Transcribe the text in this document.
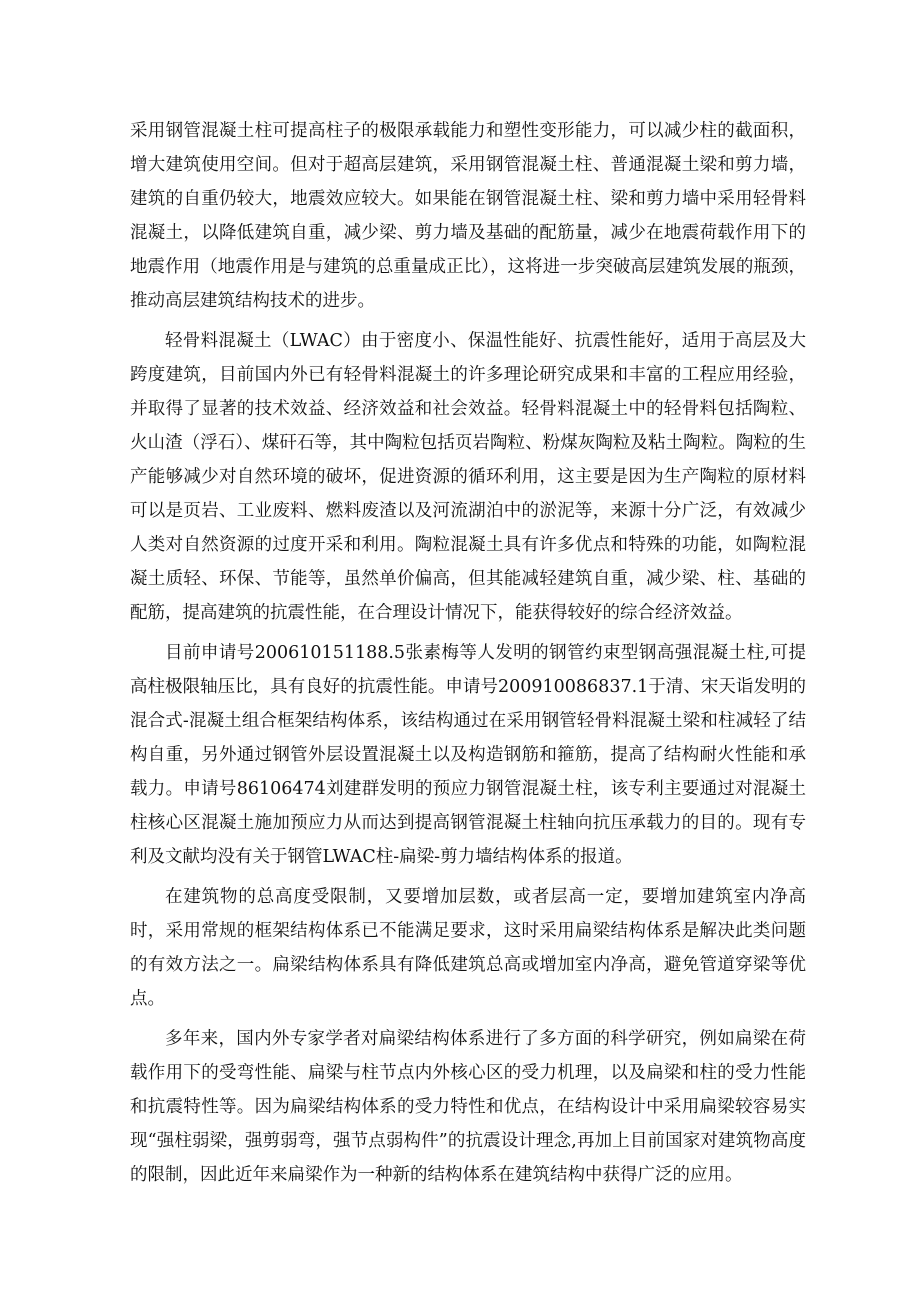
采用钢管混凝土柱可提高柱子的极限承载能力和塑性变形能力，可以减少柱的截面积，增大建筑使用空间。但对于超高层建筑，采用钢管混凝土柱、普通混凝土梁和剪力墙，建筑的自重仍较大，地震效应较大。如果能在钢管混凝土柱、梁和剪力墙中采用轻骨料混凝土，以降低建筑自重，减少梁、剪力墙及基础的配筋量，减少在地震荷载作用下的地震作用（地震作用是与建筑的总重量成正比），这将进一步突破高层建筑发展的瓶颈，推动高层建筑结构技术的进步。

轻骨料混凝土（LWAC）由于密度小、保温性能好、抗震性能好，适用于高层及大跨度建筑，目前国内外已有轻骨料混凝土的许多理论研究成果和丰富的工程应用经验，并取得了显著的技术效益、经济效益和社会效益。轻骨料混凝土中的轻骨料包括陶粒、火山渣（浮石）、煤矸石等，其中陶粒包括页岩陶粒、粉煤灰陶粒及粘土陶粒。陶粒的生产能够减少对自然环境的破坏，促进资源的循环利用，这主要是因为生产陶粒的原材料可以是页岩、工业废料、燃料废渣以及河流湖泊中的淤泥等，来源十分广泛，有效减少人类对自然资源的过度开采和利用。陶粒混凝土具有许多优点和特殊的功能，如陶粒混凝土质轻、环保、节能等，虽然单价偏高，但其能减轻建筑自重，减少梁、柱、基础的配筋，提高建筑的抗震性能，在合理设计情况下，能获得较好的综合经济效益。

目前申请号200610151188.5张素梅等人发明的钢管约束型钢高强混凝土柱,可提高柱极限轴压比，具有良好的抗震性能。申请号200910086837.1于清、宋天诣发明的混合式-混凝土组合框架结构体系，该结构通过在采用钢管轻骨料混凝土梁和柱减轻了结构自重，另外通过钢管外层设置混凝土以及构造钢筋和箍筋，提高了结构耐火性能和承载力。申请号86106474刘建群发明的预应力钢管混凝土柱，该专利主要通过对混凝土柱核心区混凝土施加预应力从而达到提高钢管混凝土柱轴向抗压承载力的目的。现有专利及文献均没有关于钢管LWAC柱-扁梁-剪力墙结构体系的报道。

在建筑物的总高度受限制，又要增加层数，或者层高一定，要增加建筑室内净高时，采用常规的框架结构体系已不能满足要求，这时采用扁梁结构体系是解决此类问题的有效方法之一。扁梁结构体系具有降低建筑总高或增加室内净高，避免管道穿梁等优点。

多年来，国内外专家学者对扁梁结构体系进行了多方面的科学研究，例如扁梁在荷载作用下的受弯性能、扁梁与柱节点内外核心区的受力机理，以及扁梁和柱的受力性能和抗震特性等。因为扁梁结构体系的受力特性和优点，在结构设计中采用扁梁较容易实现“强柱弱梁，强剪弱弯，强节点弱构件”的抗震设计理念,再加上目前国家对建筑物高度的限制，因此近年来扁梁作为一种新的结构体系在建筑结构中获得广泛的应用。
